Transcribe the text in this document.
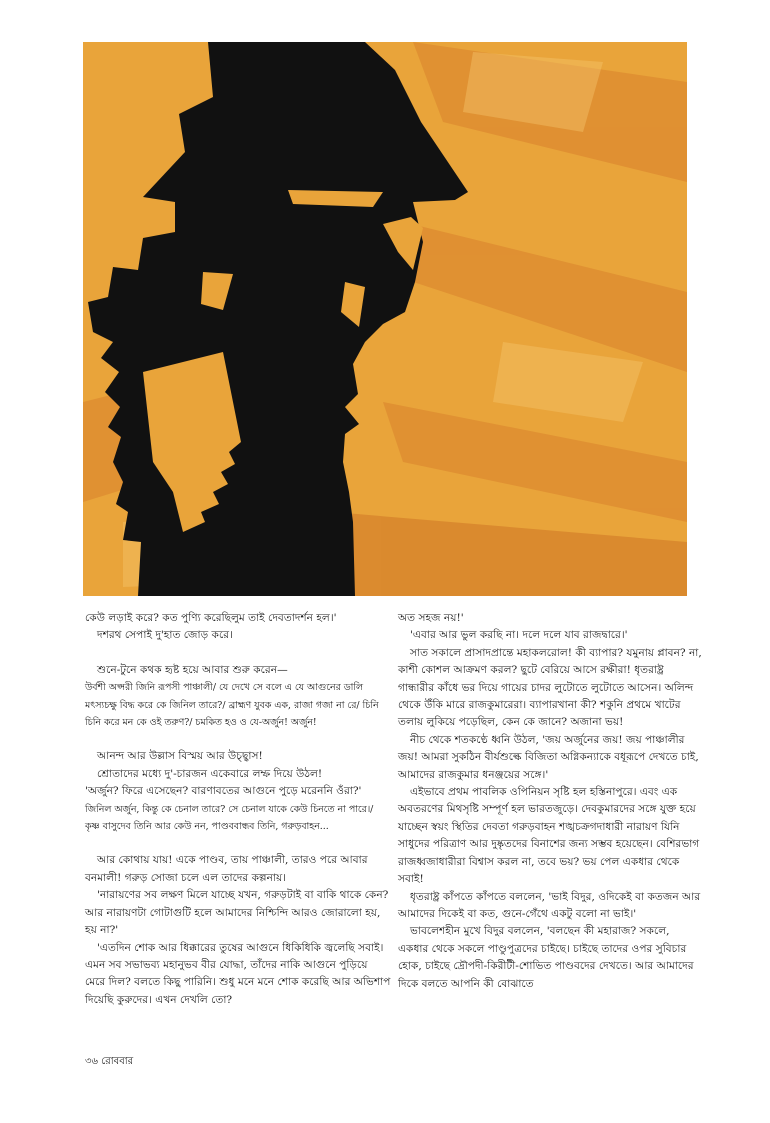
কেউ লড়াই করে? কত পুণ্যি করেছিলুম তাই দেবতাদর্শন হল।'

দশরথ সেপাই দু'হাত জোড় করে।

শুনে-টুনে কথক হৃষ্ট হয়ে আবার শুরু করেন—

উর্বশী অপ্সরী জিনি রূপসী পাঞ্চালী/ যে দেখে সে বলে এ যে আগুনের ডালি মৎস্যচক্ষু বিদ্ধ করে কে জিনিল তারে?/ ব্রাহ্মণ যুবক এক, রাজা গজা না রে/ চিনি চিনি করে মন কে ওই তরুণ?/ চমকিত হও ও যে-অর্জুন! অর্জুন!

আনন্দ আর উল্লাস বিস্ময় আর উচ্ছ্বাস!

শ্রোতাদের মধ্যে দু'-চারজন একেবারে লম্ফ দিয়ে উঠল!

'অর্জুন? ফিরে এসেছেন? বারণাবতের আগুনে পুড়ে মরেননি ওঁরা?'

জিনিল অর্জুন, কিন্তু কে চেনাল তারে? সে চেনাল যাকে কেউ চিনতে না পারে।/ কৃষ্ণ বাসুদেব তিনি আর কেউ নন, পাণ্ডববান্ধব তিনি, গরুড়বাহন...

আর কোথায় যায়! একে পাণ্ডব, তায় পাঞ্চালী, তারও পরে আবার বনমালী! গরুড় সোজা চলে এল তাদের কল্পনায়।

'নারায়ণের সব লক্ষণ মিলে যাচ্ছে যখন, গরুড়টাই বা বাকি থাকে কেন? আর নারায়ণটা গোটাগুটি হলে আমাদের নিশ্চিন্দি আরও জোরালো হয়, হয় না?'

'এতদিন শোক আর ধিক্কারের তুষের আগুনে ধিকিধিকি জ্বলেছি সবাই। এমন সব সভাভব্য মহানুভব বীর যোদ্ধা, তাঁদের নাকি আগুনে পুড়িয়ে মেরে দিল? বলতে কিছু পারিনি। শুধু মনে মনে শোক করেছি আর অভিশাপ দিয়েছি কুরুদের। এখন দেখলি তো?

অত সহজ নয়!'

'এবার আর ভুল করছি না। দলে দলে যাব রাজদ্বারে।'

সাত সকালে প্রাসাদপ্রান্তে মহাকলরোল! কী ব্যাপার? যমুনায় প্লাবন? না, কাশী কোশল আক্রমণ করল? ছুটে বেরিয়ে আসে রক্ষীরা! ধৃতরাষ্ট্র গান্ধারীর কাঁধে ভর দিয়ে গায়ের চাদর লুটোতে লুটোতে আসেন। অলিন্দ থেকে উঁকি মারে রাজকুমারেরা। ব্যাপারখানা কী? শকুনি প্রথমে খাটের তলায় লুকিয়ে পড়েছিল, কেন কে জানে? অজানা ভয়!

নীচ থেকে শতকণ্ঠে ধ্বনি উঠল, 'জয় অর্জুনের জয়! জয় পাঞ্চালীর জয়! আমরা সুকঠিন বীর্যশুল্কে বিজিতা অগ্নিকন্যাকে বধূরূপে দেখতে চাই, আমাদের রাজকুমার ধনঞ্জয়ের সঙ্গে।'

এইভাবে প্রথম পাবলিক ওপিনিয়ন সৃষ্টি হল হস্তিনাপুরে। এবং এক অবতরণের মিথসৃষ্টি সম্পূর্ণ হল ভারতজুড়ে। দেবকুমারদের সঙ্গে যুক্ত হয়ে যাচ্ছেন স্বয়ং স্থিতির দেবতা গরুড়বাহন শঙ্খচক্রগদাধারী নারায়ণ যিনি সাধুদের পরিত্রাণ আর দুষ্কৃতদের বিনাশের জন্য সম্ভব হয়েছেন। বেশিরভাগ রাজধ্বজাধারীরা বিশ্বাস করল না, তবে ভয়? ভয় পেল একধার থেকে সবাই!

ধৃতরাষ্ট্র কাঁপতে কাঁপতে বললেন, 'ভাই বিদুর, ওদিকেই বা কতজন আর আমাদের দিকেই বা কত, গুনে-গেঁথে একটু বলো না ভাই।'

ভাবলেশহীন মুখে বিদুর বললেন, 'বলছেন কী মহারাজ? সকলে, একধার থেকে সকলে পাণ্ডুপুত্রদের চাইছে। চাইছে তাদের ওপর সুবিচার হোক, চাইছে দ্রৌপদী-কিরীটী-শোভিত পাণ্ডবদের দেখতে। আর আমাদের দিকে বলতে আপনি কী বোঝাতে

৩৬ রোববার
